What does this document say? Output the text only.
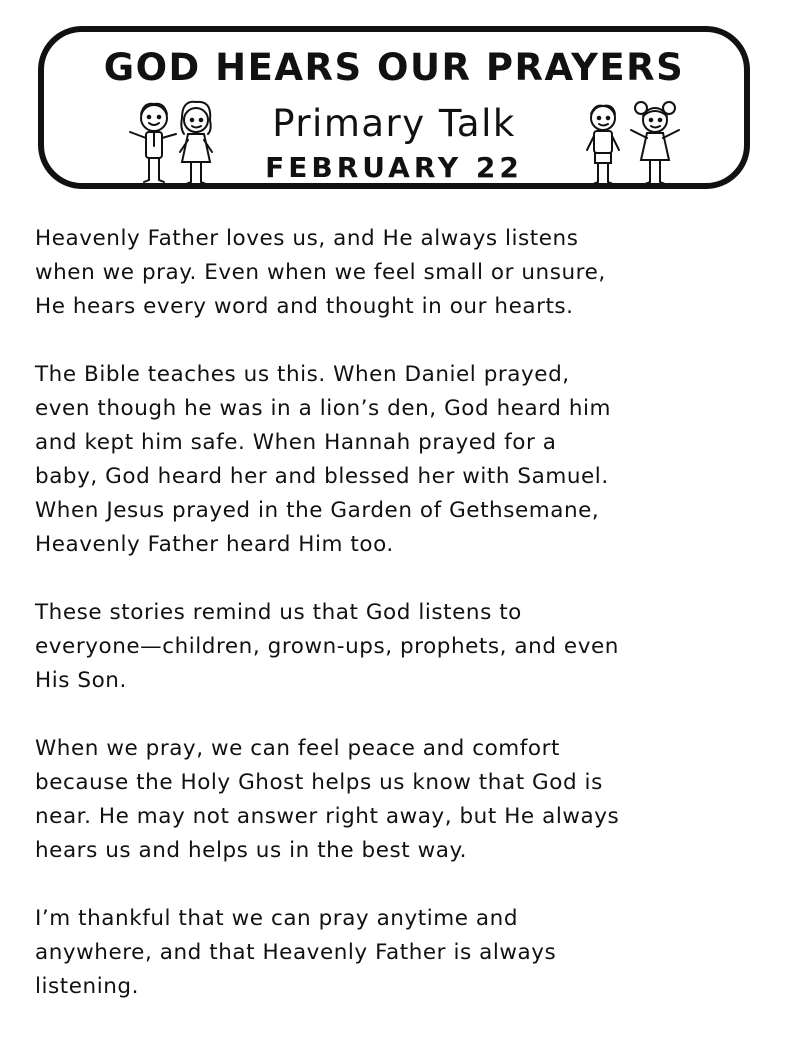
GOD HEARS OUR PRAYERS
Primary Talk
FEBRUARY 22

Heavenly Father loves us, and He always listens
when we pray. Even when we feel small or unsure,
He hears every word and thought in our hearts.

The Bible teaches us this. When Daniel prayed,
even though he was in a lion’s den, God heard him
and kept him safe. When Hannah prayed for a
baby, God heard her and blessed her with Samuel.
When Jesus prayed in the Garden of Gethsemane,
Heavenly Father heard Him too.

These stories remind us that God listens to
everyone—children, grown-ups, prophets, and even
His Son.

When we pray, we can feel peace and comfort
because the Holy Ghost helps us know that God is
near. He may not answer right away, but He always
hears us and helps us in the best way.

I’m thankful that we can pray anytime and
anywhere, and that Heavenly Father is always
listening.
